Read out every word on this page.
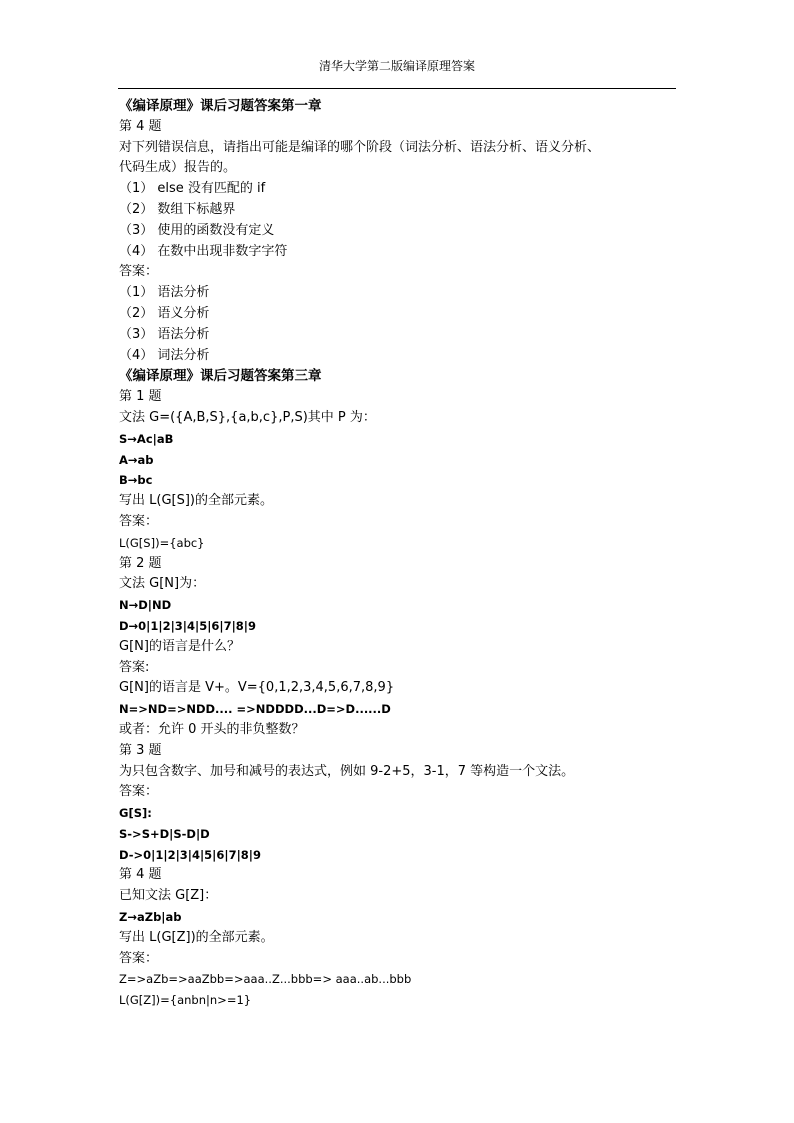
清华大学第二版编译原理答案
《编译原理》课后习题答案第一章
第 4 题
对下列错误信息，请指出可能是编译的哪个阶段（词法分析、语法分析、语义分析、
代码生成）报告的。
（1） else 没有匹配的 if
（2） 数组下标越界
（3） 使用的函数没有定义
（4） 在数中出现非数字字符
答案：
（1） 语法分析
（2） 语义分析
（3） 语法分析
（4） 词法分析
《编译原理》课后习题答案第三章
第 1 题
文法 G=({A,B,S},{a,b,c},P,S)其中 P 为：
S→Ac|aB
A→ab
B→bc
写出 L(G[S])的全部元素。
答案：
L(G[S])={abc}
第 2 题
文法 G[N]为：
N→D|ND
D→0|1|2|3|4|5|6|7|8|9
G[N]的语言是什么？
答案:
G[N]的语言是 V+。V={0,1,2,3,4,5,6,7,8,9}
N=>ND=>NDD.... =>NDDDD...D=>D......D
或者：允许 0 开头的非负整数？
第 3 题
为只包含数字、加号和减号的表达式，例如 9-2+5，3-1，7 等构造一个文法。
答案：
G[S]:
S->S+D|S-D|D
D->0|1|2|3|4|5|6|7|8|9
第 4 题
已知文法 G[Z]：
Z→aZb|ab
写出 L(G[Z])的全部元素。
答案：
Z=>aZb=>aaZbb=>aaa..Z...bbb=> aaa..ab...bbb
L(G[Z])={anbn|n>=1}
